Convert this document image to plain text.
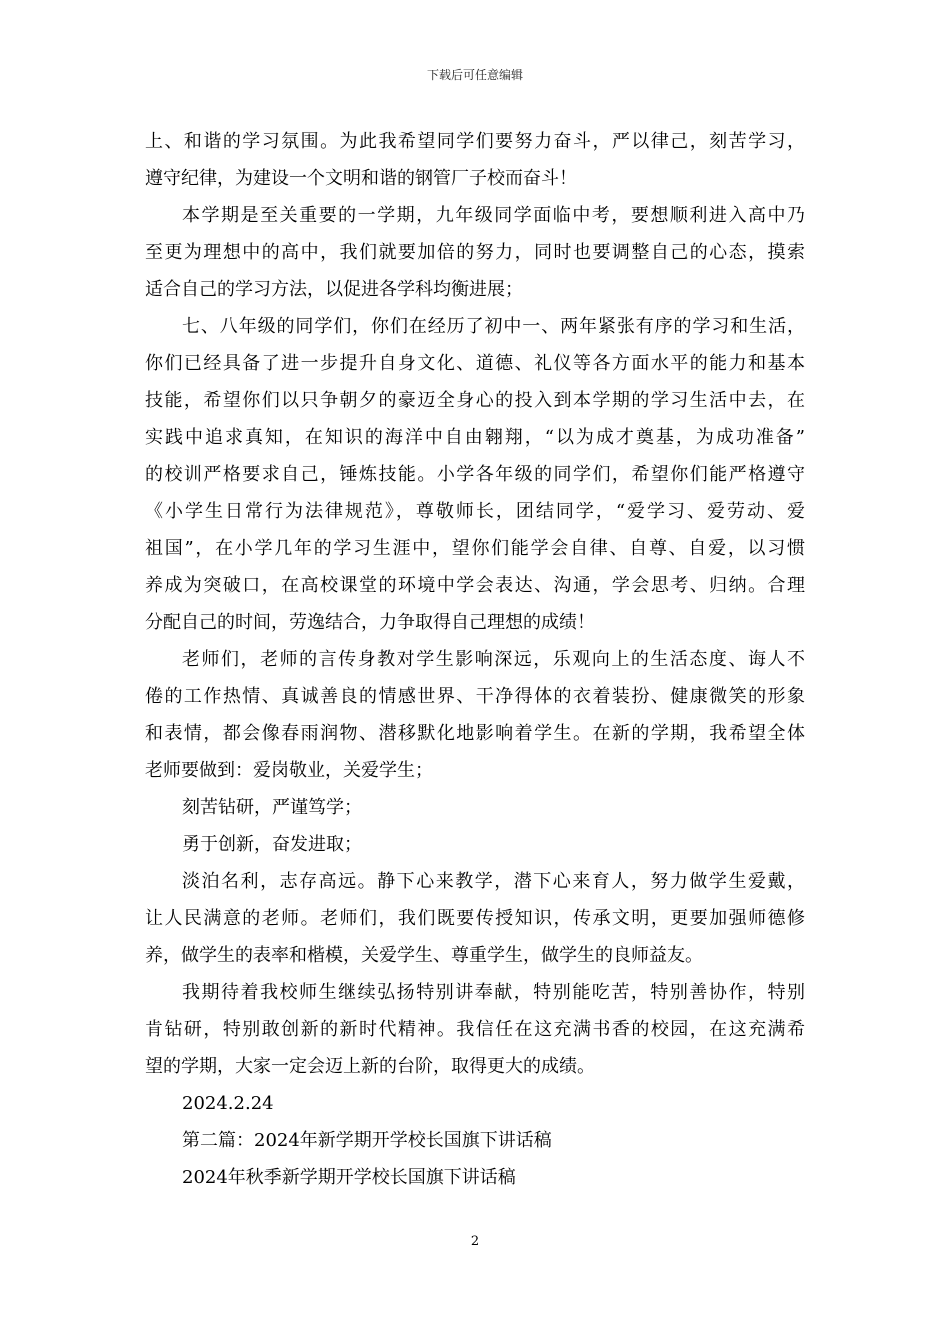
下载后可任意编辑
上、和谐的学习氛围。为此我希望同学们要努力奋斗，严以律己，刻苦学习，
遵守纪律，为建设一个文明和谐的钢管厂子校而奋斗！
本学期是至关重要的一学期，九年级同学面临中考，要想顺利进入高中乃
至更为理想中的高中，我们就要加倍的努力，同时也要调整自己的心态，摸索
适合自己的学习方法，以促进各学科均衡进展；
七、八年级的同学们，你们在经历了初中一、两年紧张有序的学习和生活，
你们已经具备了进一步提升自身文化、道德、礼仪等各方面水平的能力和基本
技能，希望你们以只争朝夕的豪迈全身心的投入到本学期的学习生活中去，在
实践中追求真知，在知识的海洋中自由翱翔，“以为成才奠基，为成功准备”
的校训严格要求自己，锤炼技能。小学各年级的同学们，希望你们能严格遵守
《小学生日常行为法律规范》，尊敬师长，团结同学，“爱学习、爱劳动、爱
祖国”，在小学几年的学习生涯中，望你们能学会自律、自尊、自爱，以习惯
养成为突破口，在高校课堂的环境中学会表达、沟通，学会思考、归纳。合理
分配自己的时间，劳逸结合，力争取得自己理想的成绩！
老师们，老师的言传身教对学生影响深远，乐观向上的生活态度、诲人不
倦的工作热情、真诚善良的情感世界、干净得体的衣着装扮、健康微笑的形象
和表情，都会像春雨润物、潜移默化地影响着学生。在新的学期，我希望全体
老师要做到：爱岗敬业，关爱学生；
刻苦钻研，严谨笃学；
勇于创新，奋发进取；
淡泊名利，志存高远。静下心来教学，潜下心来育人，努力做学生爱戴，
让人民满意的老师。老师们，我们既要传授知识，传承文明，更要加强师德修
养，做学生的表率和楷模，关爱学生、尊重学生，做学生的良师益友。
我期待着我校师生继续弘扬特别讲奉献，特别能吃苦，特别善协作，特别
肯钻研，特别敢创新的新时代精神。我信任在这充满书香的校园，在这充满希
望的学期，大家一定会迈上新的台阶，取得更大的成绩。
2024.2.24
第二篇：2024年新学期开学校长国旗下讲话稿
2024年秋季新学期开学校长国旗下讲话稿
2
